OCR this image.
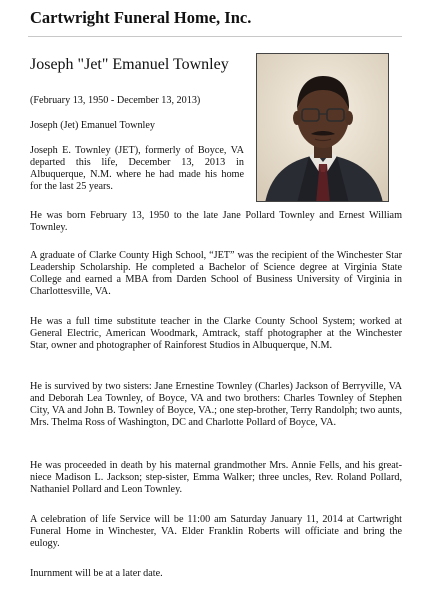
Cartwright Funeral Home, Inc.
Joseph "Jet" Emanuel Townley
(February 13, 1950 - December 13, 2013)
Joseph (Jet) Emanuel Townley
Joseph E. Townley (JET), formerly of Boyce, VA departed this life, December 13, 2013 in Albuquerque, N.M. where he had made his home for the last 25 years.
He was born February 13, 1950 to the late Jane Pollard Townley and Ernest William Townley.
A graduate of Clarke County High School, “JET” was the recipient of the Winchester Star Leadership Scholarship. He completed a Bachelor of Science degree at Virginia State College and earned a MBA from Darden School of Business University of Virginia in Charlottesville, VA.
He was a full time substitute teacher in the Clarke County School System; worked at General Electric, American Woodmark, Amtrack, staff photographer at the Winchester Star, owner and photographer of Rainforest Studios in Albuquerque, N.M.
He is survived by two sisters: Jane Ernestine Townley (Charles) Jackson of Berryville, VA and Deborah Lea Townley, of Boyce, VA and two brothers: Charles Townley of Stephen City, VA and John B. Townley of Boyce, VA.; one step-brother, Terry Randolph; two aunts, Mrs. Thelma Ross of Washington, DC and Charlotte Pollard of Boyce, VA.
He was proceeded in death by his maternal grandmother Mrs. Annie Fells, and his great-niece Madison L. Jackson; step-sister, Emma Walker; three uncles, Rev. Roland Pollard, Nathaniel Pollard and Leon Townley.
A celebration of life Service will be 11:00 am Saturday January 11, 2014 at Cartwright Funeral Home in Winchester, VA. Elder Franklin Roberts will officiate and bring the eulogy.
Inurnment will be at a later date.
